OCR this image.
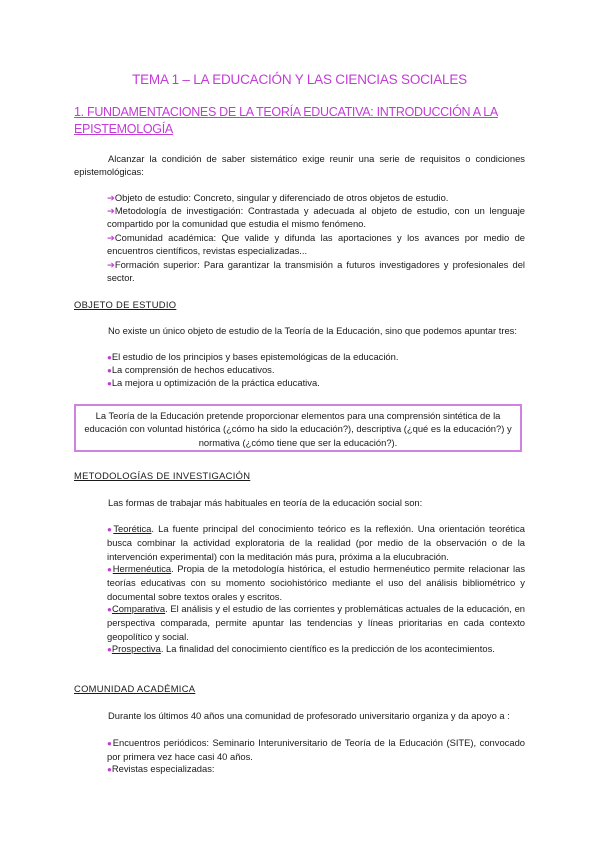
TEMA 1 – LA EDUCACIÓN Y LAS CIENCIAS SOCIALES
1. FUNDAMENTACIONES DE LA TEORÍA EDUCATIVA: INTRODUCCIÓN A LA EPISTEMOLOGÍA
Alcanzar la condición de saber sistemático exige reunir una serie de requisitos o condiciones epistemológicas:
➔Objeto de estudio: Concreto, singular y diferenciado de otros objetos de estudio.
➔Metodología de investigación: Contrastada y adecuada al objeto de estudio, con un lenguaje compartido por la comunidad que estudia el mismo fenómeno.
➔Comunidad académica: Que valide y difunda las aportaciones y los avances por medio de encuentros científicos, revistas especializadas...
➔Formación superior: Para garantizar la transmisión a futuros investigadores y profesionales del sector.
OBJETO DE ESTUDIO
No existe un único objeto de estudio de la Teoría de la Educación, sino que podemos apuntar tres:
●El estudio de los principios y bases epistemológicas de la educación.
●La comprensión de hechos educativos.
●La mejora u optimización de la práctica educativa.
La Teoría de la Educación pretende proporcionar elementos para una comprensión sintética de la educación con voluntad histórica (¿cómo ha sido la educación?), descriptiva (¿qué es la educación?) y normativa (¿cómo tiene que ser la educación?).
METODOLOGÍAS DE INVESTIGACIÓN
Las formas de trabajar más habituales en teoría de la educación social son:
●Teorética. La fuente principal del conocimiento teórico es la reflexión. Una orientación teorética busca combinar la actividad exploratoria de la realidad (por medio de la observación o de la intervención experimental) con la meditación más pura, próxima a la elucubración.
●Hermenéutica. Propia de la metodología histórica, el estudio hermenéutico permite relacionar las teorías educativas con su momento sociohistórico mediante el uso del análisis bibliométrico y documental sobre textos orales y escritos.
●Comparativa. El análisis y el estudio de las corrientes y problemáticas actuales de la educación, en perspectiva comparada, permite apuntar las tendencias y líneas prioritarias en cada contexto geopolítico y social.
●Prospectiva. La finalidad del conocimiento científico es la predicción de los acontecimientos.
COMUNIDAD ACADÉMICA
Durante los últimos 40 años una comunidad de profesorado universitario organiza y da apoyo a :
●Encuentros periódicos: Seminario Interuniversitario de Teoría de la Educación (SITE), convocado por primera vez hace casi 40 años.
●Revistas especializadas:
